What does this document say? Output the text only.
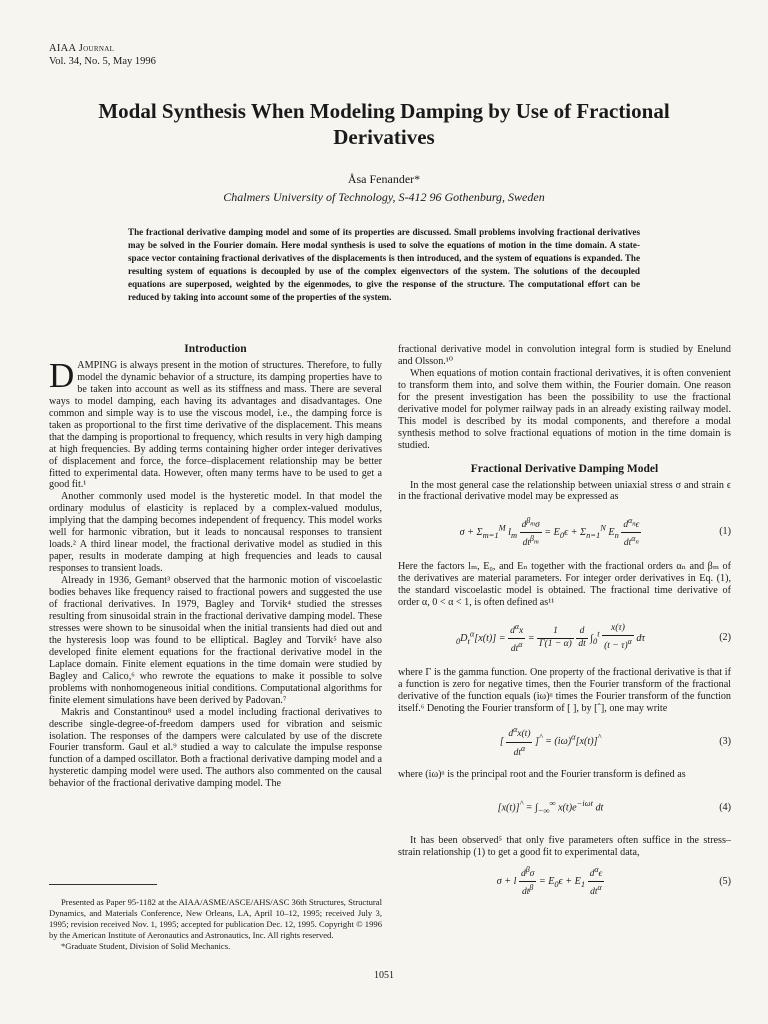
AIAA Journal
Vol. 34, No. 5, May 1996
Modal Synthesis When Modeling Damping by Use of Fractional Derivatives
Åsa Fenander*
Chalmers University of Technology, S-412 96 Gothenburg, Sweden
The fractional derivative damping model and some of its properties are discussed. Small problems involving fractional derivatives may be solved in the Fourier domain. Here modal synthesis is used to solve the equations of motion in the time domain. A state-space vector containing fractional derivatives of the displacements is then introduced, and the system of equations is expanded. The resulting system of equations is decoupled by use of the complex eigenvectors of the system. The solutions of the decoupled equations are superposed, weighted by the eigenmodes, to give the response of the structure. The computational effort can be reduced by taking into account some of the properties of the system.
Introduction

DAMPING is always present in the motion of structures. Therefore, to fully model the dynamic behavior of a structure, its damping properties have to be taken into account as well as its stiffness and mass. There are several ways to model damping, each having its advantages and disadvantages. One common and simple way is to use the viscous model, i.e., the damping force is taken as proportional to the first time derivative of the displacement. This means that the damping is proportional to frequency, which results in very high damping at high frequencies. By adding terms containing higher order integer derivatives of displacement and force, the force–displacement relationship may be better fitted to experimental data. However, often many terms have to be used to get a good fit.¹

Another commonly used model is the hysteretic model. In that model the ordinary modulus of elasticity is replaced by a complex-valued modulus, implying that the damping becomes independent of frequency. This model works well for harmonic vibration, but it leads to noncausal responses to transient loads.² A third linear model, the fractional derivative model as studied in this paper, results in moderate damping at high frequencies and leads to causal responses to transient loads.

Already in 1936, Gemant³ observed that the harmonic motion of viscoelastic bodies behaves like frequency raised to fractional powers and suggested the use of fractional derivatives. In 1979, Bagley and Torvik⁴ studied the stresses resulting from sinusoidal strain in the fractional derivative damping model. These stresses were shown to be sinusoidal when the initial transients had died out and the hysteresis loop was found to be elliptical. Bagley and Torvik⁵ have also developed finite element equations for the fractional derivative model in the Laplace domain. Finite element equations in the time domain were studied by Bagley and Calico,⁶ who rewrote the equations to make it possible to solve problems with nonhomogeneous initial conditions. Computational algorithms for finite element simulations have been derived by Padovan.⁷

Makris and Constantinou⁸ used a model including fractional derivatives to describe single-degree-of-freedom dampers used for vibration and seismic isolation. The responses of the dampers were calculated by use of the discrete Fourier transform. Gaul et al.⁹ studied a way to calculate the impulse response function of a damped oscillator. Both a fractional derivative damping model and a hysteretic damping model were used. The authors also commented on the causal behavior of the fractional derivative damping model. The

fractional derivative model in convolution integral form is studied by Enelund and Olsson.¹⁰

When equations of motion contain fractional derivatives, it is often convenient to transform them into, and solve them within, the Fourier domain. One reason for the present investigation has been the possibility to use the fractional derivative model for polymer railway pads in an already existing railway model. This model is described by its modal components, and therefore a modal synthesis method to solve fractional equations of motion in the time domain is studied.

Fractional Derivative Damping Model

In the most general case the relationship between uniaxial stress σ and strain ϵ in the fractional derivative model may be expressed as

$\sigma + \Sigma_{m=1}^M$ $l_m \frac{d^{\beta_m}\sigma}{dt^{\beta_m}} = E_0\epsilon + \Sigma_{n=1}^N$ $E_n \frac{d^{\alpha_n}\epsilon}{dt^{\alpha_n}}$	(1)

Here the factors lₘ, E₀, and Eₙ together with the fractional orders αₙ and βₘ of the derivatives are material parameters. For integer order derivatives in Eq. (1), the standard viscoelastic model is obtained. The fractional time derivative of order α, 0 < α < 1, is often defined as¹¹

$_0D_t^\alpha[x(t)] = \frac{d^\alpha x}{dt^\alpha} = \frac{1}{\Gamma(1 - \alpha)}$
$\frac{d}{dt} \int_0^t \frac{x(\tau)}{(t - \tau)^\alpha}$ dτ	(2)

where Γ is the gamma function. One property of the fractional derivative is that if a function is zero for negative times, then the Fourier transform of the fractional derivative of the function equals (iω)ᵅ times the Fourier transform of the function itself.⁶ Denoting the Fourier transform of [ ], by [ˆ], one may write

[ $\frac{d^\alpha x(t)}{dt^\alpha} ]^{\^{}} = (i\omega)^\alpha[x(t)]^{\^{}}$	(3)

where (iω)ᵅ is the principal root and the Fourier transform is defined as

$[x(t)]^{\^{}} = \int_{-\infty}^\infty$ $x(t)e^{-i\omega t}$ dt	(4)

It has been observed⁵ that only five parameters often suffice in the stress–strain relationship (1) to get a good fit to experimental data,

σ + l $\frac{d^\beta\sigma}{dt^\beta} = E_0\epsilon + E_1 \frac{d^\alpha\epsilon}{dt^\alpha}$	(5)

Presented as Paper 95-1182 at the AIAA/ASME/ASCE/AHS/ASC 36th Structures, Structural Dynamics, and Materials Conference, New Orleans, LA, April 10–12, 1995; received July 3, 1995; revision received Nov. 1, 1995; accepted for publication Dec. 12, 1995. Copyright © 1996 by the American Institute of Aeronautics and Astronautics, Inc. All rights reserved.

*Graduate Student, Division of Solid Mechanics.

1051
